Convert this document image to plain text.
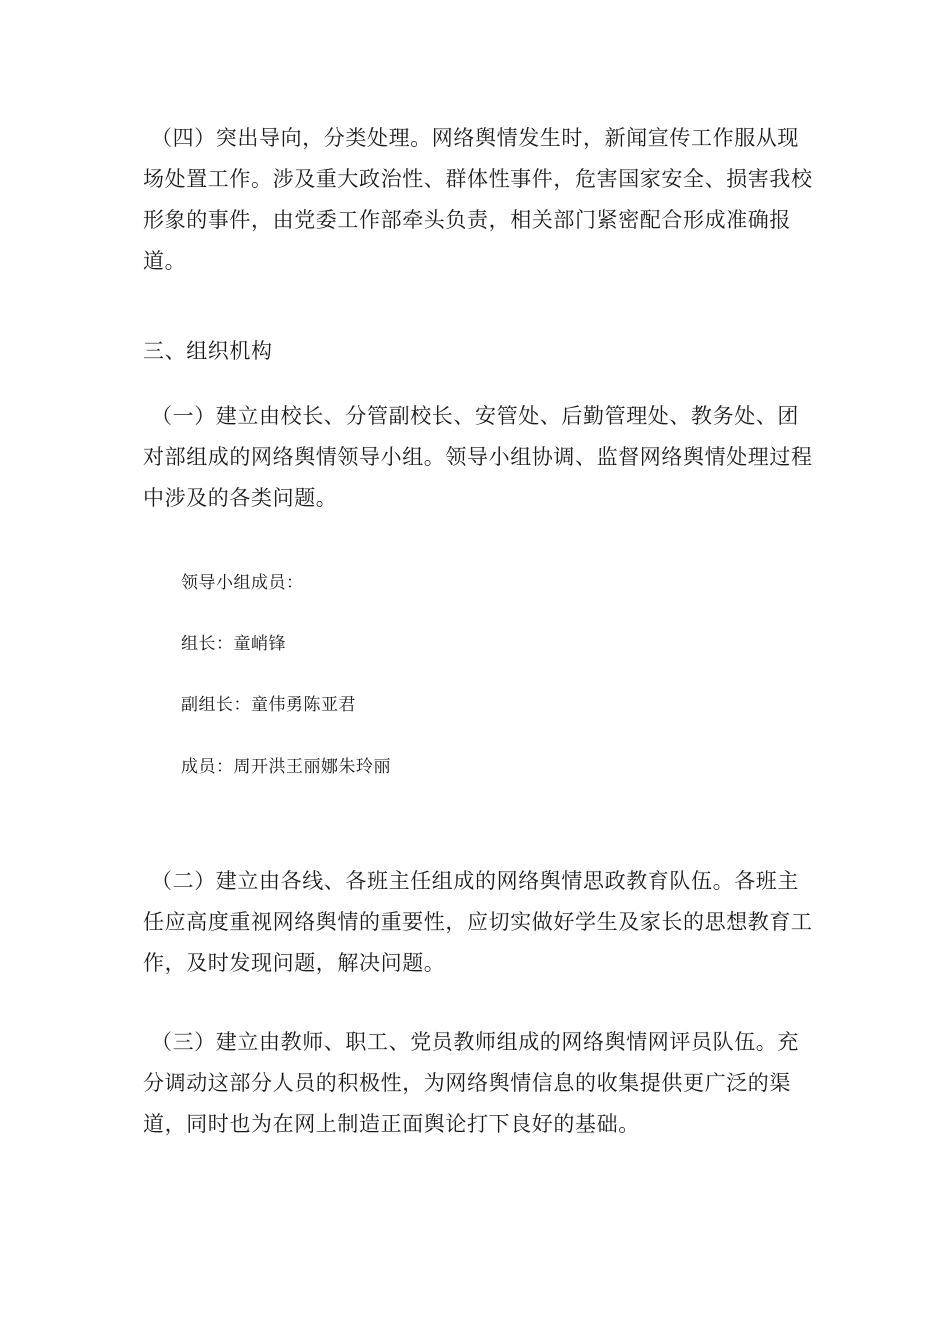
（四）突出导向，分类处理。网络舆情发生时，新闻宣传工作服从现场处置工作。涉及重大政治性、群体性事件，危害国家安全、损害我校形象的事件，由党委工作部牵头负责，相关部门紧密配合形成准确报道。

三、组织机构

（一）建立由校长、分管副校长、安管处、后勤管理处、教务处、团对部组成的网络舆情领导小组。领导小组协调、监督网络舆情处理过程中涉及的各类问题。

领导小组成员：

组长：童峭锋

副组长：童伟勇陈亚君

成员：周开洪王丽娜朱玲丽

（二）建立由各线、各班主任组成的网络舆情思政教育队伍。各班主任应高度重视网络舆情的重要性，应切实做好学生及家长的思想教育工作，及时发现问题，解决问题。

（三）建立由教师、职工、党员教师组成的网络舆情网评员队伍。充分调动这部分人员的积极性，为网络舆情信息的收集提供更广泛的渠道，同时也为在网上制造正面舆论打下良好的基础。
